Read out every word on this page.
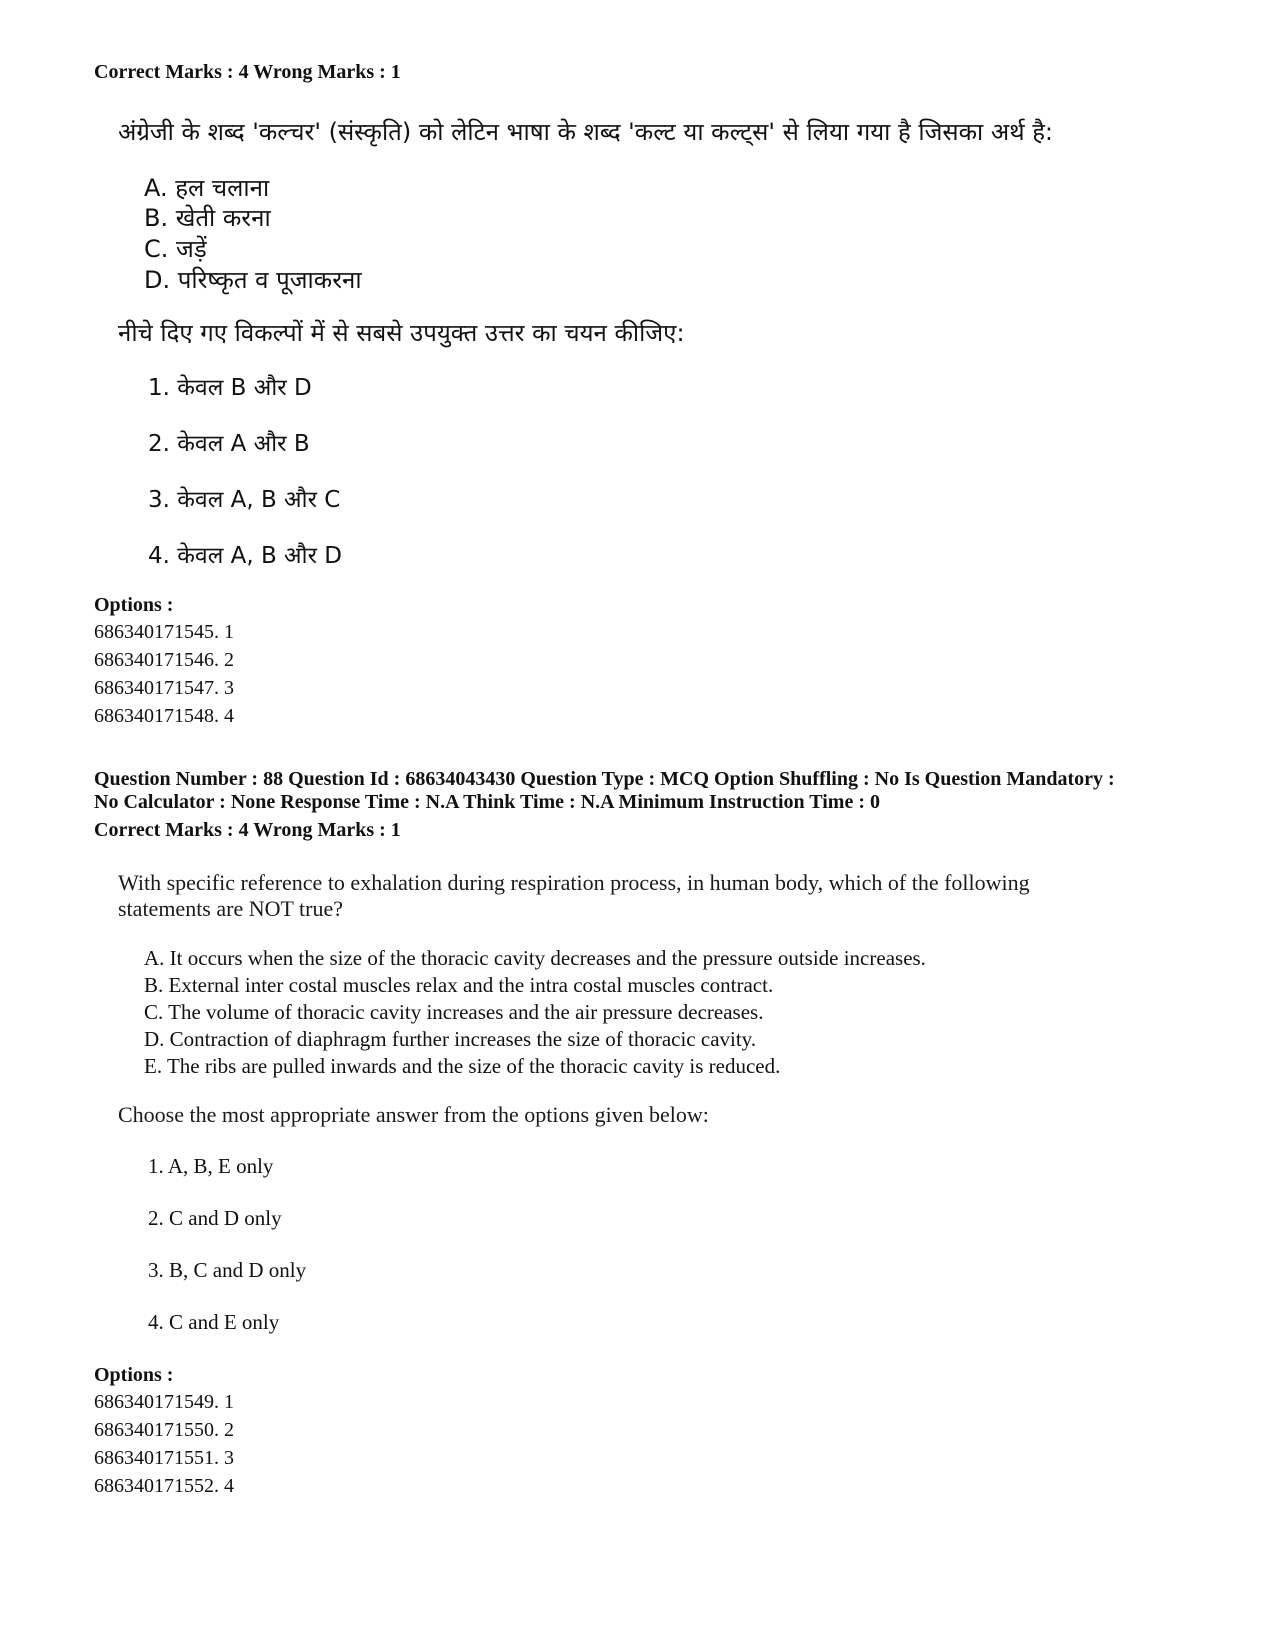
Correct Marks : 4 Wrong Marks : 1
अंग्रेजी के शब्द 'कल्चर' (संस्कृति) को लेटिन भाषा के शब्द 'कल्ट या कल्ट्स' से लिया गया है जिसका अर्थ है:
A. हल चलाना
B. खेती करना
C. जड़ें
D. परिष्कृत व पूजाकरना
नीचे दिए गए विकल्पों में से सबसे उपयुक्त उत्तर का चयन कीजिए:
1. केवल B और D
2. केवल A और B
3. केवल A, B और C
4. केवल A, B और D
Options :
686340171545. 1
686340171546. 2
686340171547. 3
686340171548. 4
Question Number : 88 Question Id : 68634043430 Question Type : MCQ Option Shuffling : No Is Question Mandatory :
No Calculator : None Response Time : N.A Think Time : N.A Minimum Instruction Time : 0
Correct Marks : 4 Wrong Marks : 1
With specific reference to exhalation during respiration process, in human body, which of the following
statements are NOT true?
A. It occurs when the size of the thoracic cavity decreases and the pressure outside increases.
B. External inter costal muscles relax and the intra costal muscles contract.
C. The volume of thoracic cavity increases and the air pressure decreases.
D. Contraction of diaphragm further increases the size of thoracic cavity.
E. The ribs are pulled inwards and the size of the thoracic cavity is reduced.
Choose the most appropriate answer from the options given below:
1. A, B, E only
2. C and D only
3. B, C and D only
4. C and E only
Options :
686340171549. 1
686340171550. 2
686340171551. 3
686340171552. 4
